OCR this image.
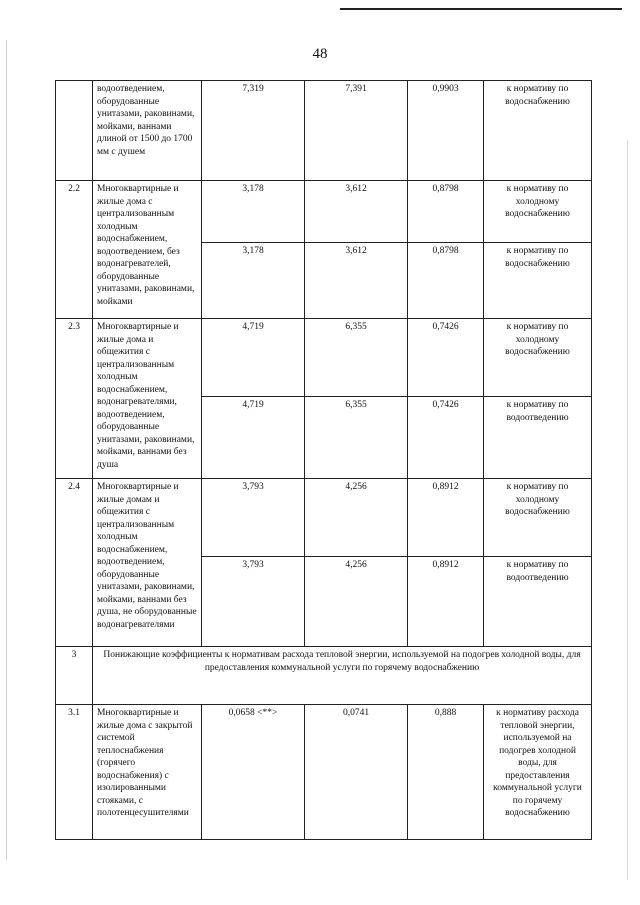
48
	водоотведением, оборудованные унитазами, раковинами, мойками, ваннами длиной от 1500 до 1700 мм с душем	7,319	7,391	0,9903	к нормативу по водоснабжению
2.2	Многоквартирные и жилые дома с централизованным холодным водоснабжением, водоотведением, без водонагревателей, оборудованные унитазами, раковинами, мойками	3,178	3,612	0,8798	к нормативу по холодному водоснабжению
		3,178	3,612	0,8798	к нормативу по водоснабжению
2.3	Многоквартирные и жилые дома и общежития с централизованным холодным водоснабжением, водонагревателями, водоотведением, оборудованные унитазами, раковинами, мойками, ваннами без душа	4,719	6,355	0,7426	к нормативу по холодному водоснабжению
		4,719	6,355	0,7426	к нормативу по водоотведению
2.4	Многоквартирные и жилые домам и общежития с централизованным холодным водоснабжением, водоотведением, оборудованные унитазами, раковинами, мойками, ваннами без душа, не оборудованные водонагревателями	3,793	4,256	0,8912	к нормативу по холодному водоснабжению
		3,793	4,256	0,8912	к нормативу по водоотведению
3	Понижающие коэффициенты к нормативам расхода тепловой энергии, используемой на подогрев холодной воды, для предоставления коммунальной услуги по горячему водоснабжению				
3.1	Многоквартирные и жилые дома с закрытой системой теплоснабжения (горячего водоснабжения) с изолированными стояками, с полотенцесушителями	0,0658 <**>	0,0741	0,888	к нормативу расхода тепловой энергии, используемой на подогрев холодной воды, для предоставления коммунальной услуги по горячему водоснабжению
